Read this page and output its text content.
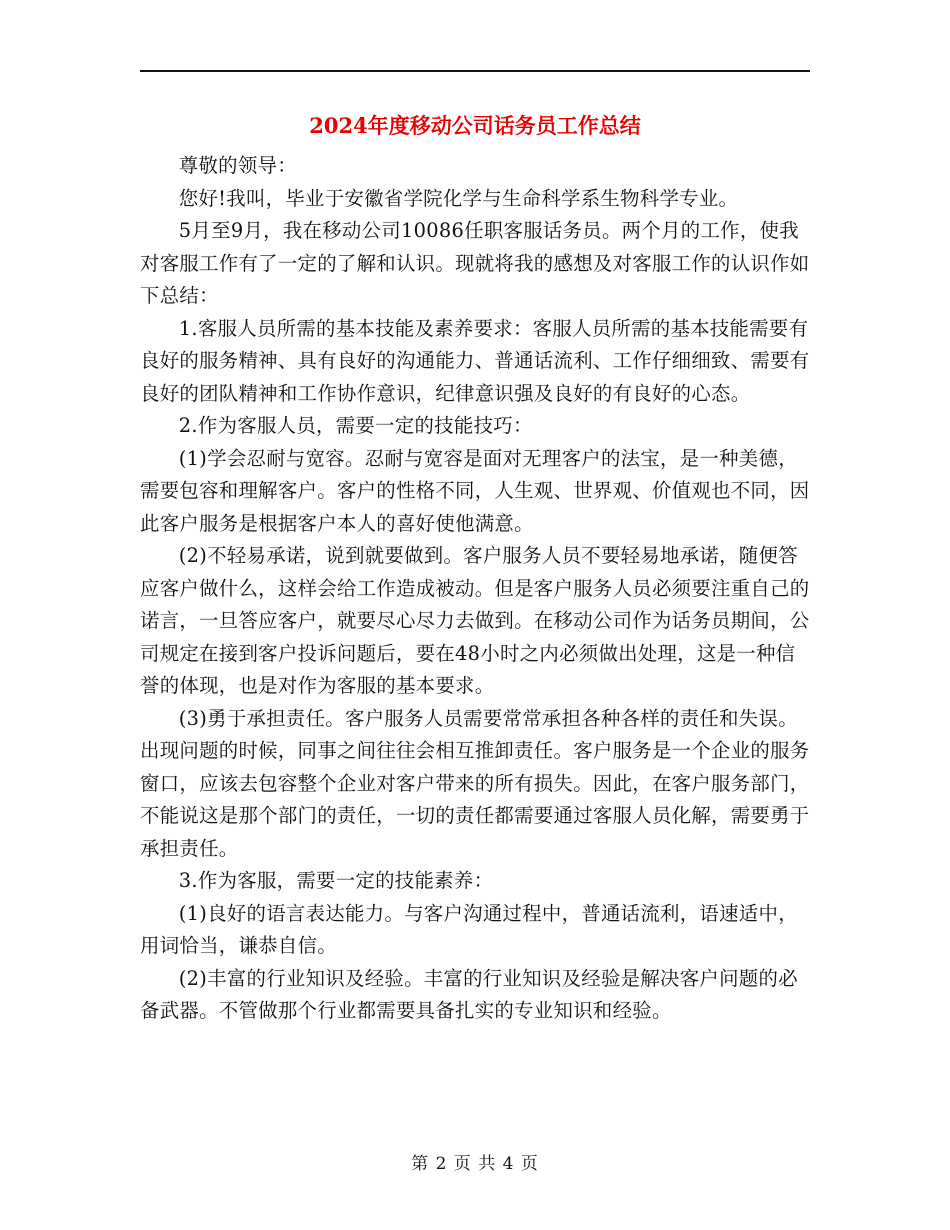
2024年度移动公司话务员工作总结

尊敬的领导：

您好!我叫，毕业于安徽省学院化学与生命科学系生物科学专业。

5月至9月，我在移动公司10086任职客服话务员。两个月的工作，使我对客服工作有了一定的了解和认识。现就将我的感想及对客服工作的认识作如下总结：

1.客服人员所需的基本技能及素养要求：客服人员所需的基本技能需要有良好的服务精神、具有良好的沟通能力、普通话流利、工作仔细细致、需要有良好的团队精神和工作协作意识，纪律意识强及良好的有良好的心态。

2.作为客服人员，需要一定的技能技巧：

(1)学会忍耐与宽容。忍耐与宽容是面对无理客户的法宝，是一种美德，需要包容和理解客户。客户的性格不同，人生观、世界观、价值观也不同，因此客户服务是根据客户本人的喜好使他满意。

(2)不轻易承诺，说到就要做到。客户服务人员不要轻易地承诺，随便答应客户做什么，这样会给工作造成被动。但是客户服务人员必须要注重自己的诺言，一旦答应客户，就要尽心尽力去做到。在移动公司作为话务员期间，公司规定在接到客户投诉问题后，要在48小时之内必须做出处理，这是一种信誉的体现，也是对作为客服的基本要求。

(3)勇于承担责任。客户服务人员需要常常承担各种各样的责任和失误。出现问题的时候，同事之间往往会相互推卸责任。客户服务是一个企业的服务窗口，应该去包容整个企业对客户带来的所有损失。因此，在客户服务部门，不能说这是那个部门的责任，一切的责任都需要通过客服人员化解，需要勇于承担责任。

3.作为客服，需要一定的技能素养：

(1)良好的语言表达能力。与客户沟通过程中，普通话流利，语速适中，用词恰当，谦恭自信。

(2)丰富的行业知识及经验。丰富的行业知识及经验是解决客户问题的必备武器。不管做那个行业都需要具备扎实的专业知识和经验。

第 2 页 共 4 页
